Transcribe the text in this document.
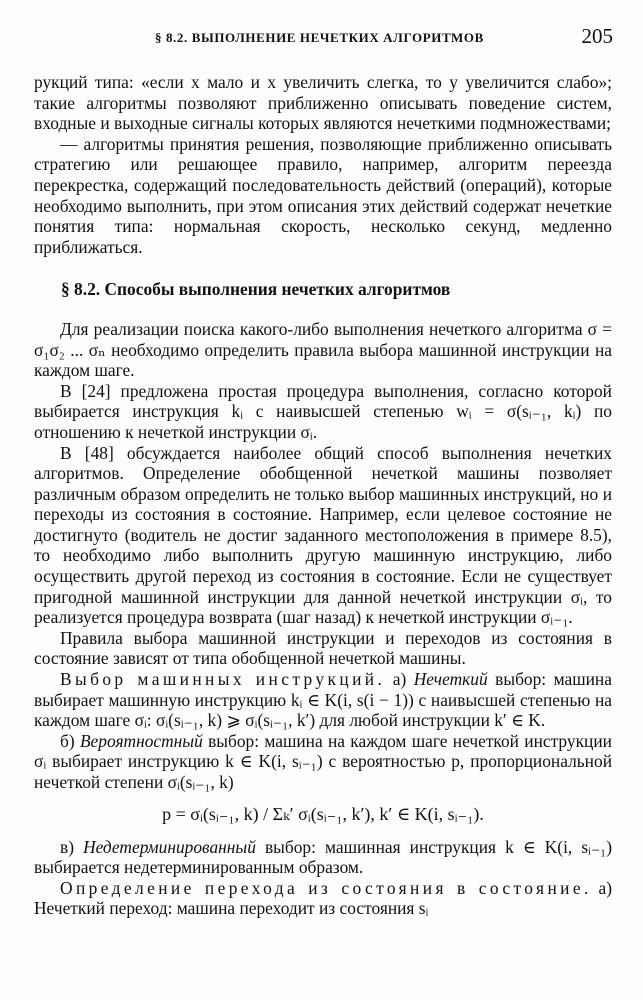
§ 8.2. ВЫПОЛНЕНИЕ НЕЧЕТКИХ АЛГОРИТМОВ	205

рукций типа: «если x мало и x увеличить слегка, то y увеличится слабо»; такие алгоритмы позволяют приближенно описывать поведение систем, входные и выходные сигналы которых являются нечеткими подмножествами;

— алгоритмы принятия решения, позволяющие приближенно описывать стратегию или решающее правило, например, алгоритм переезда перекрестка, содержащий последовательность действий (операций), которые необходимо выполнить, при этом описания этих действий содержат нечеткие понятия типа: нормальная скорость, несколько секунд, медленно приближаться.

§ 8.2. Способы выполнения нечетких алгоритмов

Для реализации поиска какого-либо выполнения нечеткого алгоритма σ = σ₁σ₂ ... σₙ необходимо определить правила выбора машинной инструкции на каждом шаге.

В [24] предложена простая процедура выполнения, согласно которой выбирается инструкция kᵢ с наивысшей степенью wᵢ = σ(sᵢ₋₁, kᵢ) по отношению к нечеткой инструкции σᵢ.

В [48] обсуждается наиболее общий способ выполнения нечетких алгоритмов. Определение обобщенной нечеткой машины позволяет различным образом определить не только выбор машинных инструкций, но и переходы из состояния в состояние. Например, если целевое состояние не достигнуто (водитель не достиг заданного местоположения в примере 8.5), то необходимо либо выполнить другую машинную инструкцию, либо осуществить другой переход из состояния в состояние. Если не существует пригодной машинной инструкции для данной нечеткой инструкции σᵢ, то реализуется процедура возврата (шаг назад) к нечеткой инструкции σᵢ₋₁.

Правила выбора машинной инструкции и переходов из состояния в состояние зависят от типа обобщенной нечеткой машины.

Выбор машинных инструкций. а) Нечеткий выбор: машина выбирает машинную инструкцию kᵢ ∈ K(i, s(i − 1)) с наивысшей степенью на каждом шаге σᵢ: σᵢ(sᵢ₋₁, k) ⩾ σᵢ(sᵢ₋₁, k′) для любой инструкции k′ ∈ K.

б) Вероятностный выбор: машина на каждом шаге нечеткой инструкции σᵢ выбирает инструкцию k ∈ K(i, sᵢ₋₁) с вероятностью p, пропорциональной нечеткой степени σᵢ(sᵢ₋₁, k)

p = σᵢ(sᵢ₋₁, k) / Σₖ′ σᵢ(sᵢ₋₁, k′), k′ ∈ K(i, sᵢ₋₁).

в) Недетерминированный выбор: машинная инструкция k ∈ K(i, sᵢ₋₁) выбирается недетерминированным образом.

Определение перехода из состояния в состояние. а) Нечеткий переход: машина переходит из состояния sᵢ
